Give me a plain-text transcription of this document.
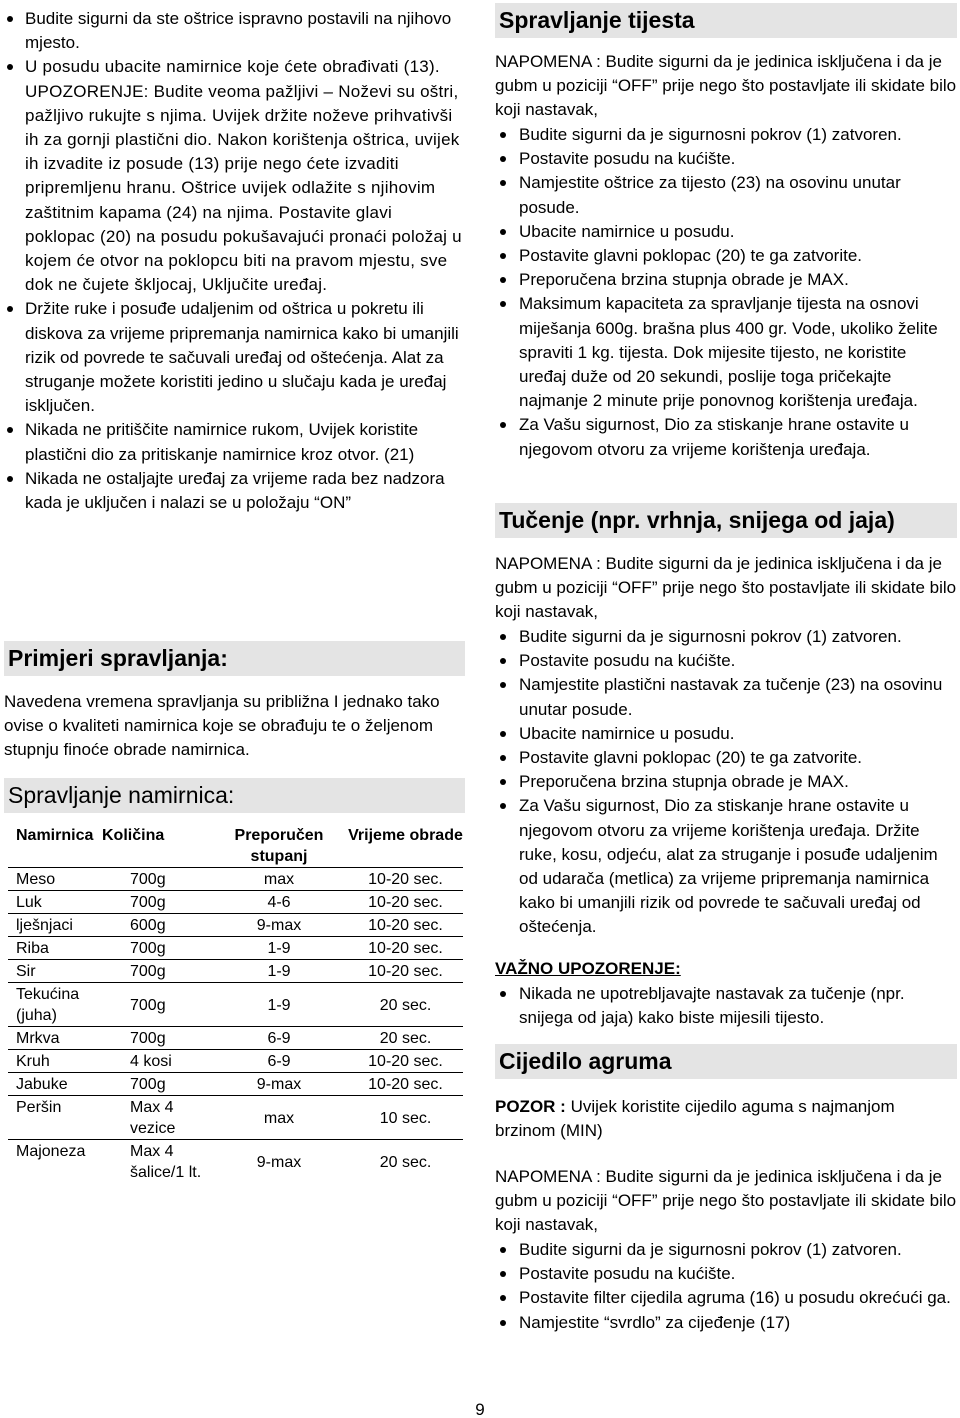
Budite sigurni da ste oštrice ispravno postavili na njihovo mjesto.
U posudu ubacite namirnice koje ćete obrađivati (13). UPOZORENJE: Budite veoma pažljivi – Noževi su oštri, pažljivo rukujte s njima. Uvijek držite noževe prihvativši ih za gornji plastični dio. Nakon korištenja oštrica, uvijek ih izvadite iz posude (13) prije nego ćete izvaditi pripremljenu hranu. Oštrice uvijek odlažite s njihovim zaštitnim kapama (24) na njima. Postavite glavi poklopac (20) na posudu pokušavajući pronaći položaj u kojem će otvor na poklopcu biti na pravom mjestu, sve dok ne čujete škljocaj, Uključite uređaj.
Držite ruke i posuđe udaljenim od oštrica u pokretu ili diskova za vrijeme pripremanja namirnica kako bi umanjili rizik od povrede te sačuvali uređaj od oštećenja. Alat za struganje možete koristiti jedino u slučaju kada je uređaj isključen.
Nikada ne pritiščite namirnice rukom, Uvijek koristite plastični dio za pritiskanje namirnice kroz otvor. (21)
Nikada ne ostaljajte uređaj za vrijeme rada bez nadzora kada je uključen i nalazi se u položaju “ON”
Primjeri spravljanja:

Navedena vremena spravljanja su približna I jednako tako ovise o kvaliteti namirnica koje se obrađuju te o željenom stupnju finoće obrade namirnica.

Spravljanje namirnica:
Namirnica	Količina	Preporučen stupanj	Vrijeme obrade
Meso	700g	max	10-20 sec.
Luk	700g	4-6	10-20 sec.
lješnjaci	600g	9-max	10-20 sec.
Riba	700g	1-9	10-20 sec.
Sir	700g	1-9	10-20 sec.
Tekućina (juha)	700g	1-9	20 sec.
Mrkva	700g	6-9	20 sec.
Kruh	4 kosi	6-9	10-20 sec.
Jabuke	700g	9-max	10-20 sec.
Peršin	Max 4 vezice	max	10 sec.
Majoneza	Max 4 šalice/1 lt.	9-max	20 sec.
Spravljanje tijesta

NAPOMENA : Budite sigurni da je jedinica isključena i da je gubm u poziciji “OFF” prije nego što postavljate ili skidate bilo koji nastavak,

Budite sigurni da je sigurnosni pokrov (1) zatvoren.
Postavite posudu na kućište.
Namjestite oštrice za tijesto (23) na osovinu unutar posude.
Ubacite namirnice u posudu.
Postavite glavni poklopac (20) te ga zatvorite.
Preporučena brzina stupnja obrade je MAX.
Maksimum kapaciteta za spravljanje tijesta na osnovi miješanja 600g. brašna plus 400 gr. Vode, ukoliko želite spraviti 1 kg. tijesta. Dok mijesite tijesto, ne koristite uređaj duže od 20 sekundi, poslije toga pričekajte najmanje 2 minute prije ponovnog korištenja uređaja.
Za Vašu sigurnost, Dio za stiskanje hrane ostavite u njegovom otvoru za vrijeme korištenja uređaja.
Tučenje (npr. vrhnja, snijega od jaja)

NAPOMENA : Budite sigurni da je jedinica isključena i da je gubm u poziciji “OFF” prije nego što postavljate ili skidate bilo koji nastavak,

Budite sigurni da je sigurnosni pokrov (1) zatvoren.
Postavite posudu na kućište.
Namjestite plastični nastavak za tučenje (23) na osovinu unutar posude.
Ubacite namirnice u posudu.
Postavite glavni poklopac (20) te ga zatvorite.
Preporučena brzina stupnja obrade je MAX.
Za Vašu sigurnost, Dio za stiskanje hrane ostavite u njegovom otvoru za vrijeme korištenja uređaja. Držite ruke, kosu, odjeću, alat za struganje i posuđe udaljenim od udarača (metlica) za vrijeme pripremanja namirnica kako bi umanjili rizik od povrede te sačuvali uređaj od oštećenja.

VAŽNO UPOZORENJE:

Nikada ne upotrebljavajte nastavak za tučenje (npr. snijega od jaja) kako biste mijesili tijesto.
Cijedilo agruma

POZOR : Uvijek koristite cijedilo aguma s najmanjom brzinom (MIN)

NAPOMENA : Budite sigurni da je jedinica isključena i da je gubm u poziciji “OFF” prije nego što postavljate ili skidate bilo koji nastavak,

Budite sigurni da je sigurnosni pokrov (1) zatvoren.
Postavite posudu na kućište.
Postavite filter cijedila agruma (16) u posudu okrećući ga.
Namjestite “svrdlo” za cijeđenje (17)
9
